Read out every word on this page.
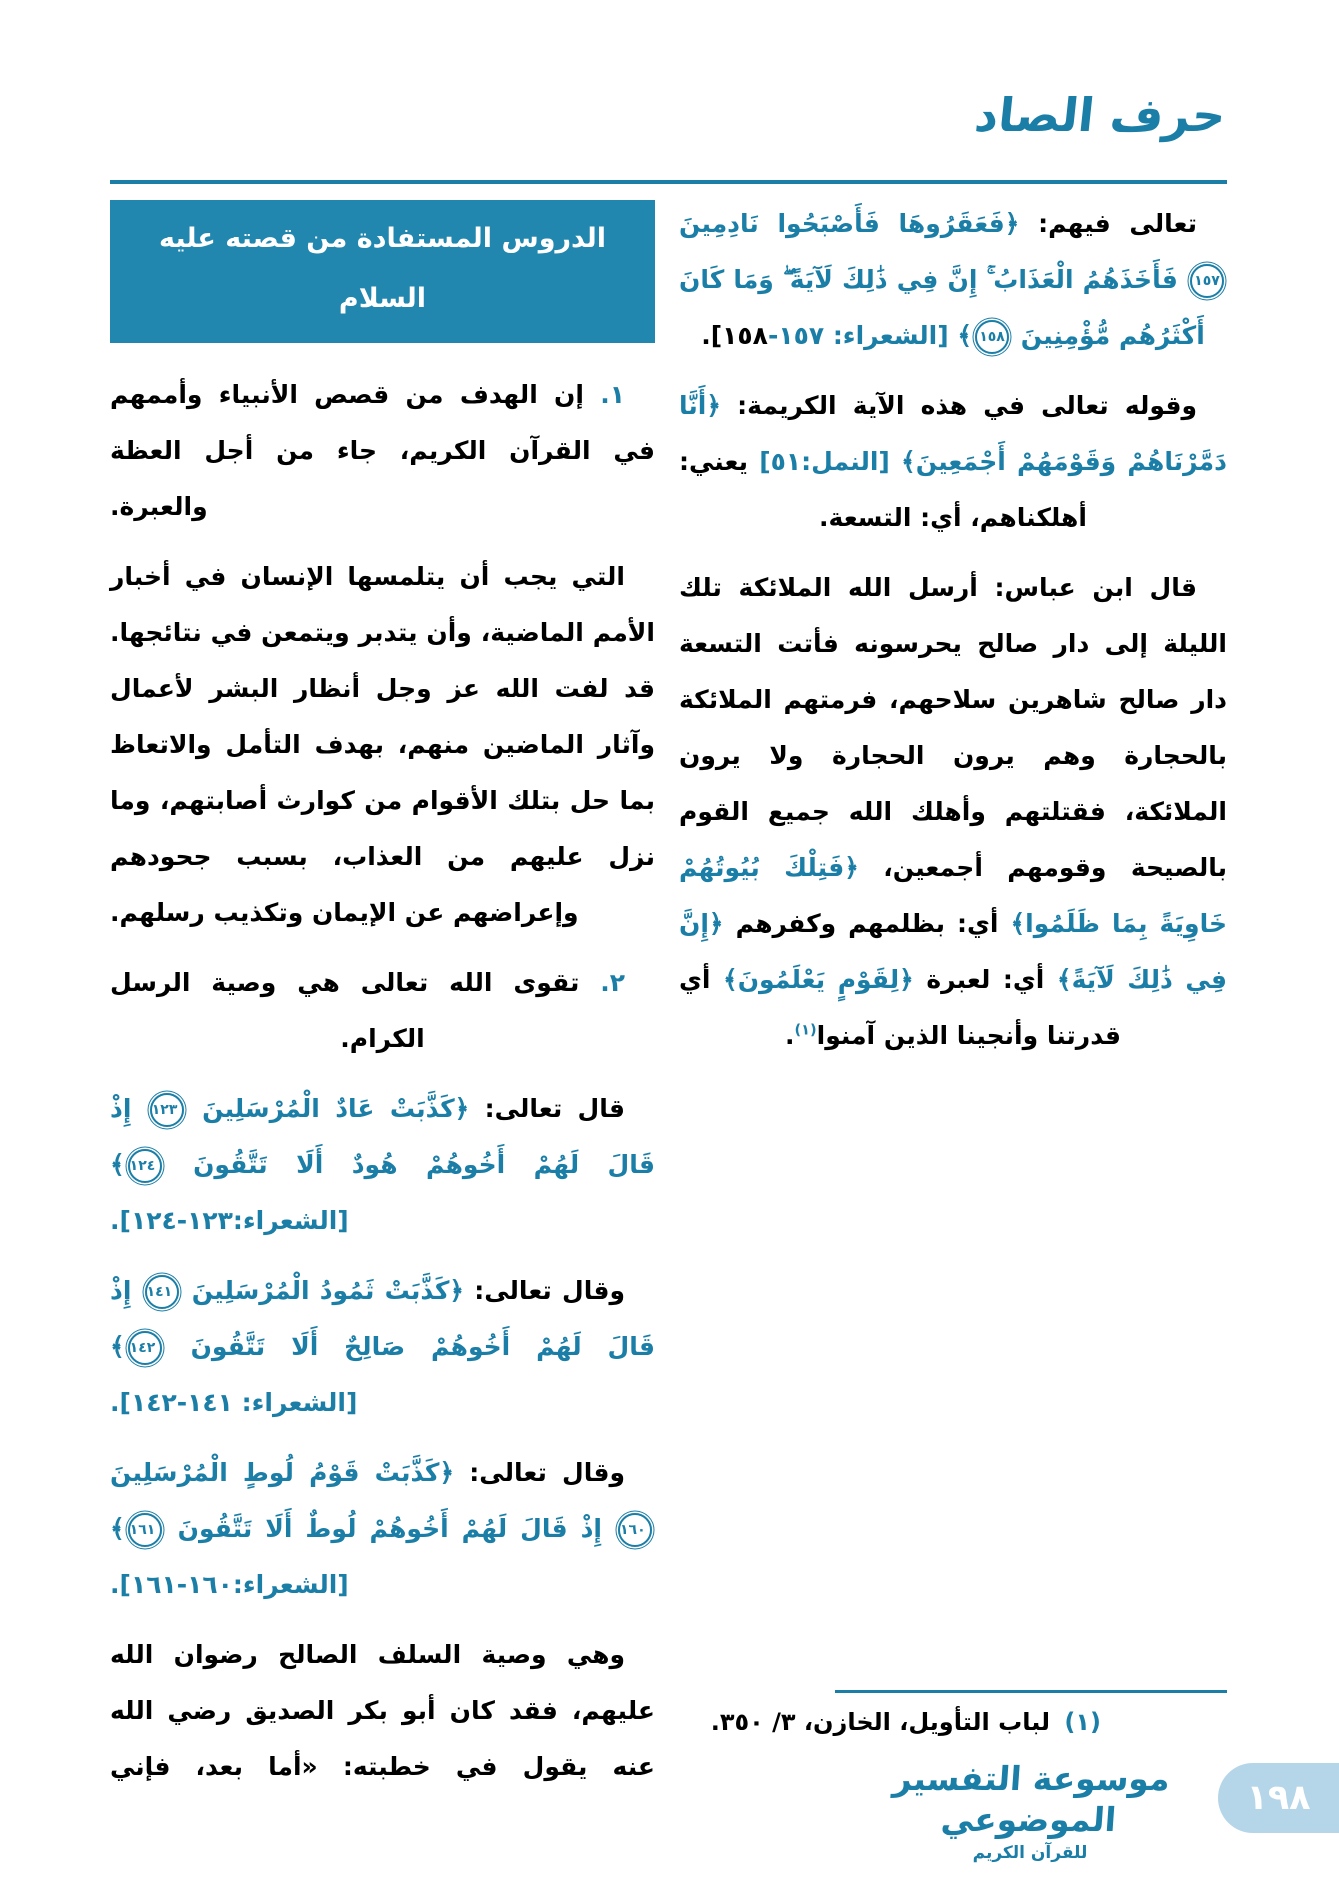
حرف الصاد

تعالى فيهم: ﴿فَعَقَرُوهَا فَأَصْبَحُوا نَادِمِينَ ١٥٧ فَأَخَذَهُمُ الْعَذَابُ ۚ إِنَّ فِي ذَٰلِكَ لَآيَةً ۖ وَمَا كَانَ أَكْثَرُهُم مُّؤْمِنِينَ ١٥٨﴾ [الشعراء: ١٥٧-١٥٨].

وقوله تعالى في هذه الآية الكريمة: ﴿أَنَّا دَمَّرْنَاهُمْ وَقَوْمَهُمْ أَجْمَعِينَ﴾ [النمل:٥١] يعني: أهلكناهم، أي: التسعة.

قال ابن عباس: أرسل الله الملائكة تلك الليلة إلى دار صالح يحرسونه فأتت التسعة دار صالح شاهرين سلاحهم، فرمتهم الملائكة بالحجارة وهم يرون الحجارة ولا يرون الملائكة، فقتلتهم وأهلك الله جميع القوم بالصيحة وقومهم أجمعين، ﴿فَتِلْكَ بُيُوتُهُمْ خَاوِيَةً بِمَا ظَلَمُوا﴾ أي: بظلمهم وكفرهم ﴿إِنَّ فِي ذَٰلِكَ لَآيَةً﴾ أي: لعبرة ﴿لِقَوْمٍ يَعْلَمُونَ﴾ أي قدرتنا وأنجينا الذين آمنوا$^{(١)}$.

الدروس المستفادة من قصته عليه السلام

١. إن الهدف من قصص الأنبياء وأممهم في القرآن الكريم، جاء من أجل العظة والعبرة.

التي يجب أن يتلمسها الإنسان في أخبار الأمم الماضية، وأن يتدبر ويتمعن في نتائجها. قد لفت الله عز وجل أنظار البشر لأعمال وآثار الماضين منهم، بهدف التأمل والاتعاظ بما حل بتلك الأقوام من كوارث أصابتهم، وما نزل عليهم من العذاب، بسبب جحودهم وإعراضهم عن الإيمان وتكذيب رسلهم.

٢. تقوى الله تعالى هي وصية الرسل الكرام.

قال تعالى: ﴿كَذَّبَتْ عَادٌ الْمُرْسَلِينَ ١٢٣ إِذْ قَالَ لَهُمْ أَخُوهُمْ هُودٌ أَلَا تَتَّقُونَ ١٢٤﴾ [الشعراء:١٢٣-١٢٤].

وقال تعالى: ﴿كَذَّبَتْ ثَمُودُ الْمُرْسَلِينَ ١٤١ إِذْ قَالَ لَهُمْ أَخُوهُمْ صَالِحٌ أَلَا تَتَّقُونَ ١٤٢﴾ [الشعراء: ١٤١-١٤٢].

وقال تعالى: ﴿كَذَّبَتْ قَوْمُ لُوطٍ الْمُرْسَلِينَ ١٦٠ إِذْ قَالَ لَهُمْ أَخُوهُمْ لُوطٌ أَلَا تَتَّقُونَ ١٦١﴾ [الشعراء:١٦٠-١٦١].

وهي وصية السلف الصالح رضوان الله عليهم، فقد كان أبو بكر الصديق رضي الله عنه يقول في خطبته: «أما بعد، فإني

(١) لباب التأويل، الخازن، ٣/ ٣٥٠.
موسوعة التفسير الموضوعي
للقرآن الكريم
١٩٨
